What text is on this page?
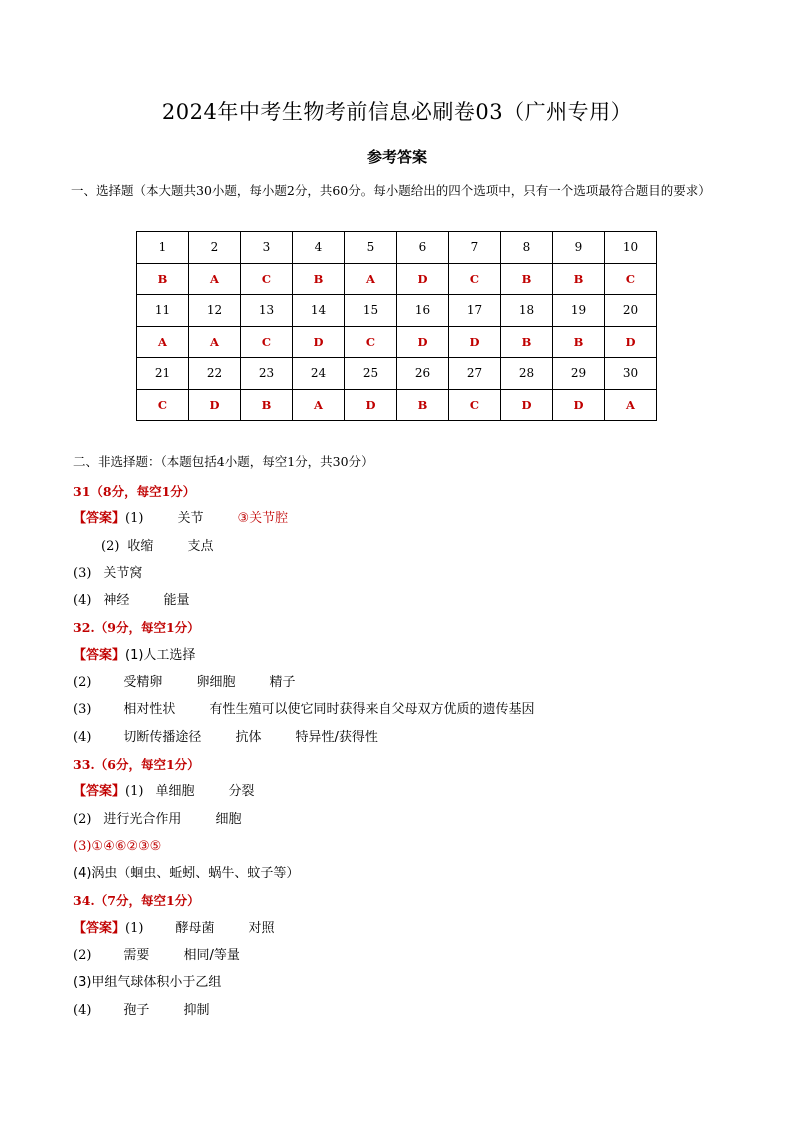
2024年中考生物考前信息必刷卷03（广州专用）
参考答案
一、选择题（本大题共30小题，每小题2分，共60分。每小题给出的四个选项中，只有一个选项最符合题目的要求）
1	2	3	4	5	6	7	8	9	10
B	A	C	B	A	D	C	B	B	C
11	12	13	14	15	16	17	18	19	20
A	A	C	D	C	D	D	B	B	D
21	22	23	24	25	26	27	28	29	30
C	D	B	A	D	B	C	D	D	A
二、非选择题：（本题包括4小题，每空1分，共30分）
31（8分，每空1分）
【答案】(1)	关节	③关节腔
(2) 收缩	支点
(3) 关节窝
(4) 神经	能量
32.（9分，每空1分）
【答案】(1)人工选择
(2) 受精卵	卵细胞	精子
(3) 相对性状	有性生殖可以使它同时获得来自父母双方优质的遗传基因
(4) 切断传播途径	抗体	特异性/获得性
33.（6分，每空1分）
【答案】(1) 单细胞	分裂
(2) 进行光合作用	细胞
(3)①④⑥②③⑤
(4)涡虫（蛔虫、蚯蚓、蜗牛、蚊子等）
34.（7分，每空1分）
【答案】(1) 酵母菌	对照
(2) 需要	相同/等量
(3)甲组气球体积小于乙组
(4) 孢子	抑制
